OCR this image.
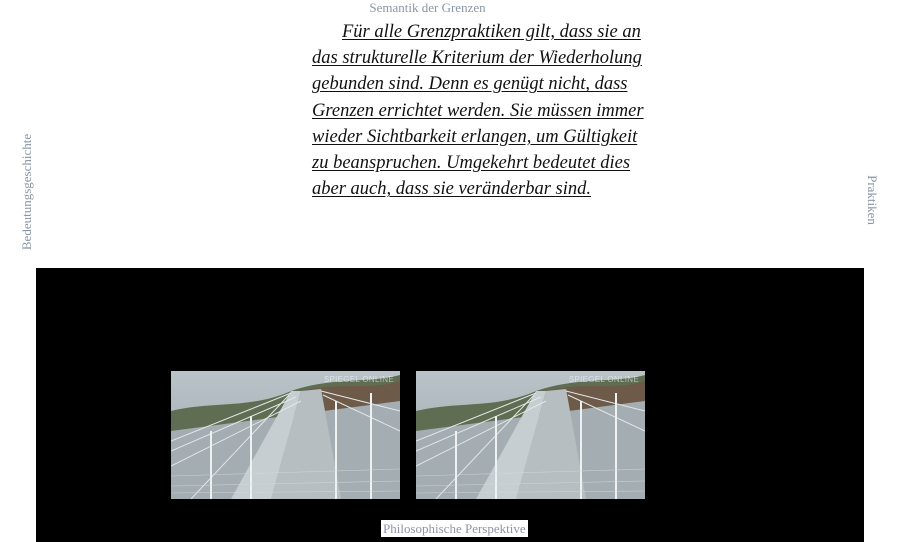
Semantik der Grenzen
Bedeutungsgeschichte	Praktiken

Für alle Grenzpraktiken gilt, dass sie an das strukturelle Kriterium der Wiederholung gebunden sind. Denn es genügt nicht, dass Grenzen errichtet werden. Sie müssen immer wieder Sichtbarkeit erlangen, um Gültigkeit zu beanspruchen. Umgekehrt bedeutet dies aber auch, dass sie veränderbar sind.

SPIEGEL ONLINE	SPIEGEL ONLINE
Philosophische Perspektive
